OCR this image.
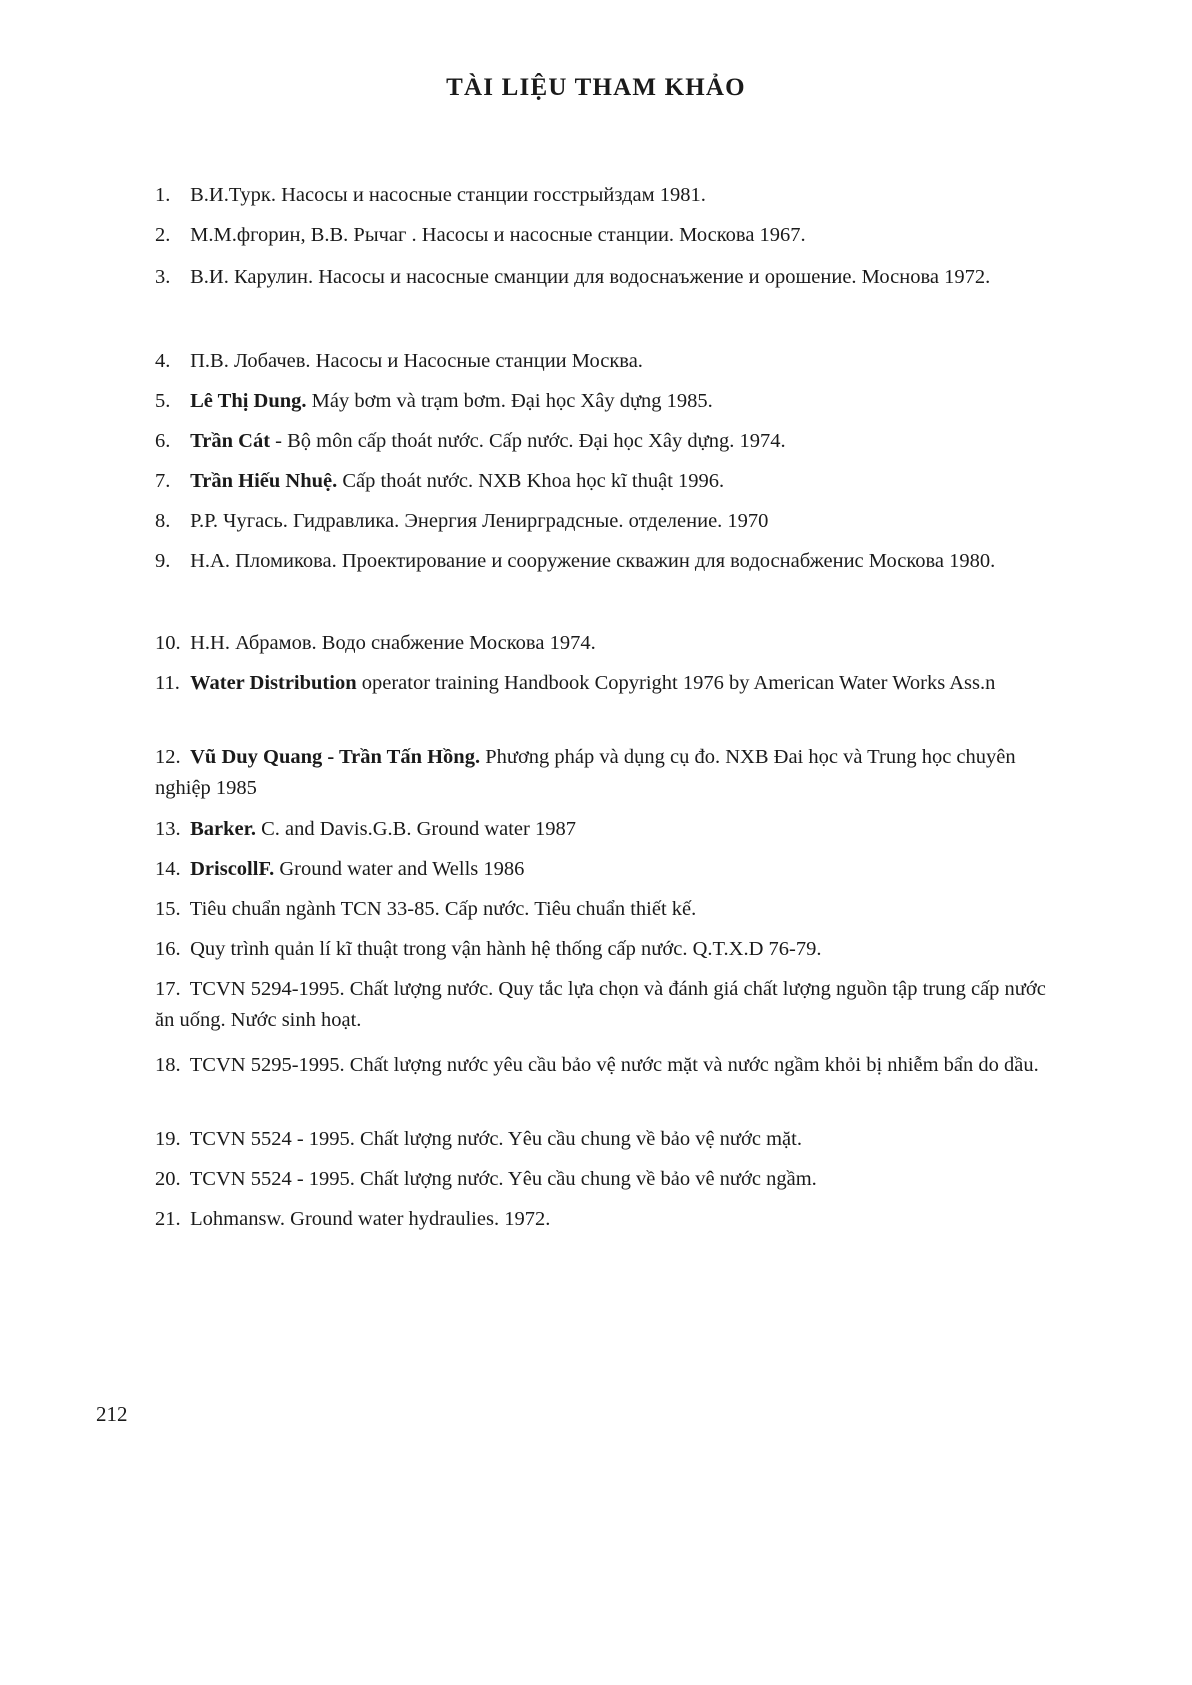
TÀI LIỆU THAM KHẢO
1. В.И.Турк. Насосы и насосные станции госстрыйздам 1981.
2. М.М.фгорин, В.В. Рычаг . Насосы и насосные станции. Москова 1967.
3. В.И. Карулин. Насосы и насосные сманции для водоснаъжение и орошение. Моснова 1972.
4. П.В. Лобачев. Насосы и Насосные станции Москва.
5. Lê Thị Dung. Máy bơm và trạm bơm. Đại học Xây dựng 1985.
6. Trần Cát - Bộ môn cấp thoát nước. Cấp nước. Đại học Xây dựng. 1974.
7. Trần Hiếu Nhuệ. Cấp thoát nước. NXB Khoa học kĩ thuật 1996.
8. Р.Р. Чугась. Гидравлика. Энергия Ленирградсные. отделение. 1970
9. Н.А. Пломикова. Проектирование и сооружение скважин для водоснабженис Москова 1980.
10. Н.Н. Абрамов. Водо снабжение Москова 1974.
11. Water Distribution operator training Handbook Copyright 1976 by American Water Works Ass.n
12. Vũ Duy Quang - Trần Tấn Hồng. Phương pháp và dụng cụ đo. NXB Đai học và Trung học chuyên nghiệp 1985
13. Barker. C. and Davis.G.B. Ground water 1987
14. DriscollF. Ground water and Wells 1986
15. Tiêu chuẩn ngành TCN 33-85. Cấp nước. Tiêu chuẩn thiết kế.
16. Quy trình quản lí kĩ thuật trong vận hành hệ thống cấp nước. Q.T.X.D 76-79.
17. TCVN 5294-1995. Chất lượng nước. Quy tắc lựa chọn và đánh giá chất lượng nguồn tập trung cấp nước ăn uống. Nước sinh hoạt.
18. TCVN 5295-1995. Chất lượng nước yêu cầu bảo vệ nước mặt và nước ngầm khỏi bị nhiễm bẩn do dầu.
19. TCVN 5524 - 1995. Chất lượng nước. Yêu cầu chung về bảo vệ nước mặt.
20. TCVN 5524 - 1995. Chất lượng nước. Yêu cầu chung về bảo vê nước ngầm.
21. Lohmansw. Ground water hydraulies. 1972.
212
